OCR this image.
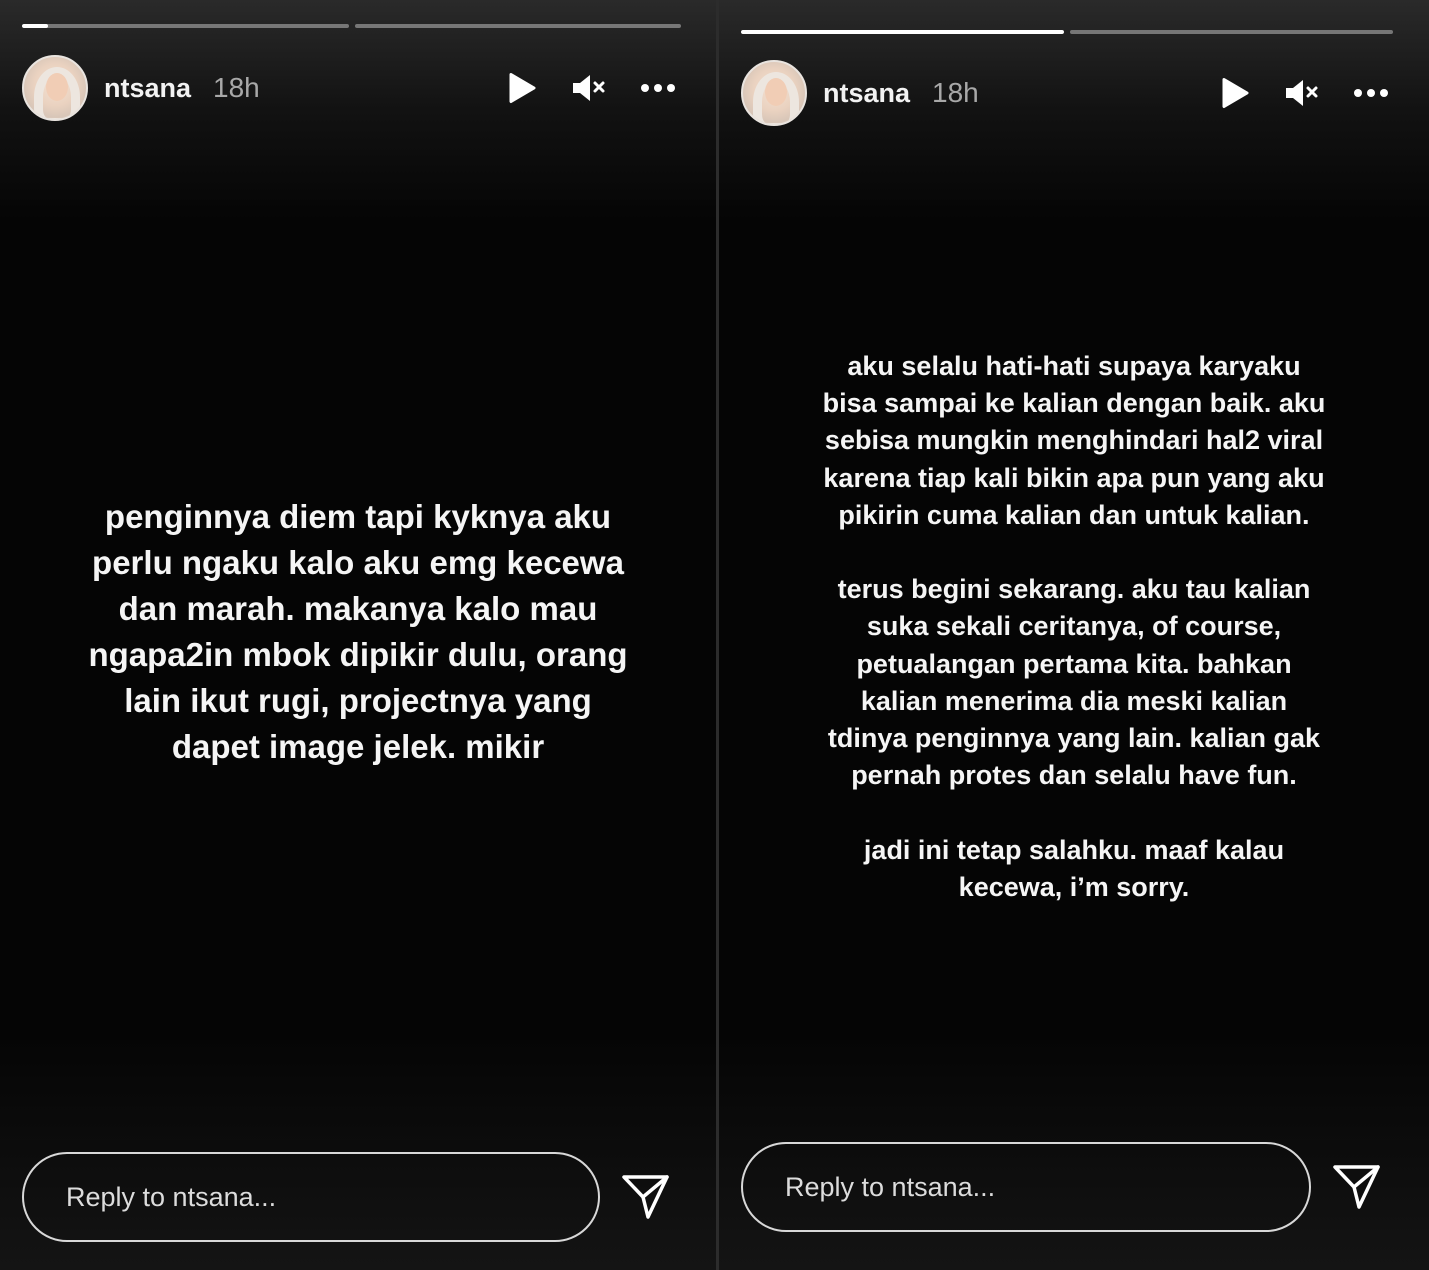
ntsana 18h
penginnya diem tapi kyknya aku
perlu ngaku kalo aku emg kecewa
dan marah. makanya kalo mau
ngapa2in mbok dipikir dulu, orang
lain ikut rugi, projectnya yang
dapet image jelek. mikir
Reply to ntsana...
ntsana 18h
aku selalu hati-hati supaya karyaku
bisa sampai ke kalian dengan baik. aku
sebisa mungkin menghindari hal2 viral
karena tiap kali bikin apa pun yang aku
pikirin cuma kalian dan untuk kalian.

terus begini sekarang. aku tau kalian
suka sekali ceritanya, of course,
petualangan pertama kita. bahkan
kalian menerima dia meski kalian
tdinya penginnya yang lain. kalian gak
pernah protes dan selalu have fun.

jadi ini tetap salahku. maaf kalau
kecewa, i’m sorry.
Reply to ntsana...
